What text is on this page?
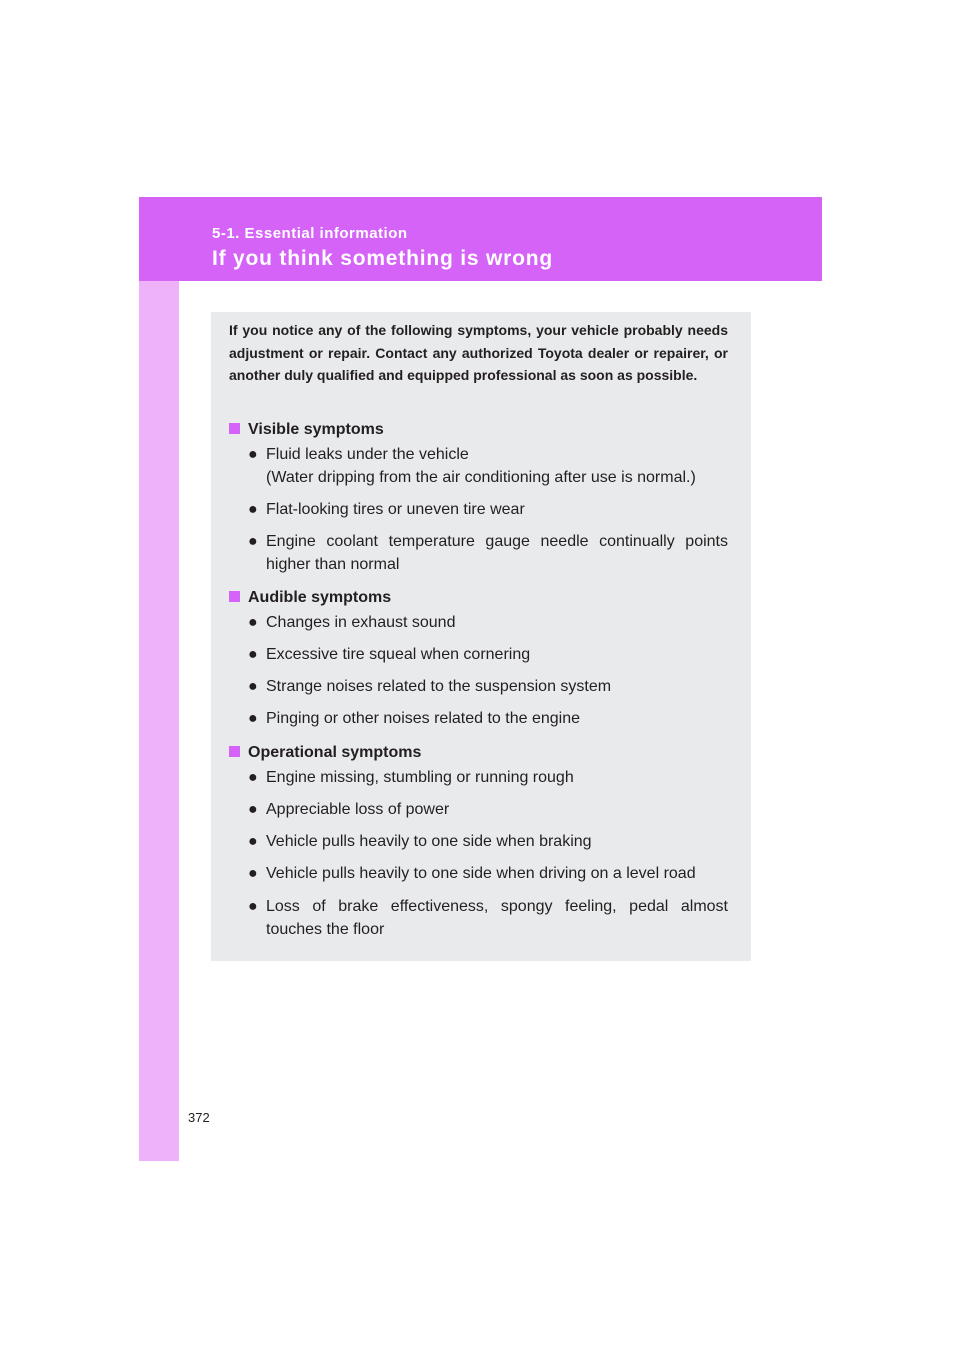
5-1. Essential information
If you think something is wrong

If you notice any of the following symptoms, your vehicle probably needs adjustment or repair. Contact any authorized Toyota dealer or repairer, or another duly qualified and equipped professional as soon as possible.

Visible symptoms
● Fluid leaks under the vehicle
(Water dripping from the air conditioning after use is normal.)
● Flat-looking tires or uneven tire wear
● Engine coolant temperature gauge needle continually points higher than normal
Audible symptoms
● Changes in exhaust sound
● Excessive tire squeal when cornering
● Strange noises related to the suspension system
● Pinging or other noises related to the engine
Operational symptoms
● Engine missing, stumbling or running rough
● Appreciable loss of power
● Vehicle pulls heavily to one side when braking
● Vehicle pulls heavily to one side when driving on a level road
● Loss of brake effectiveness, spongy feeling, pedal almost touches the floor
372
